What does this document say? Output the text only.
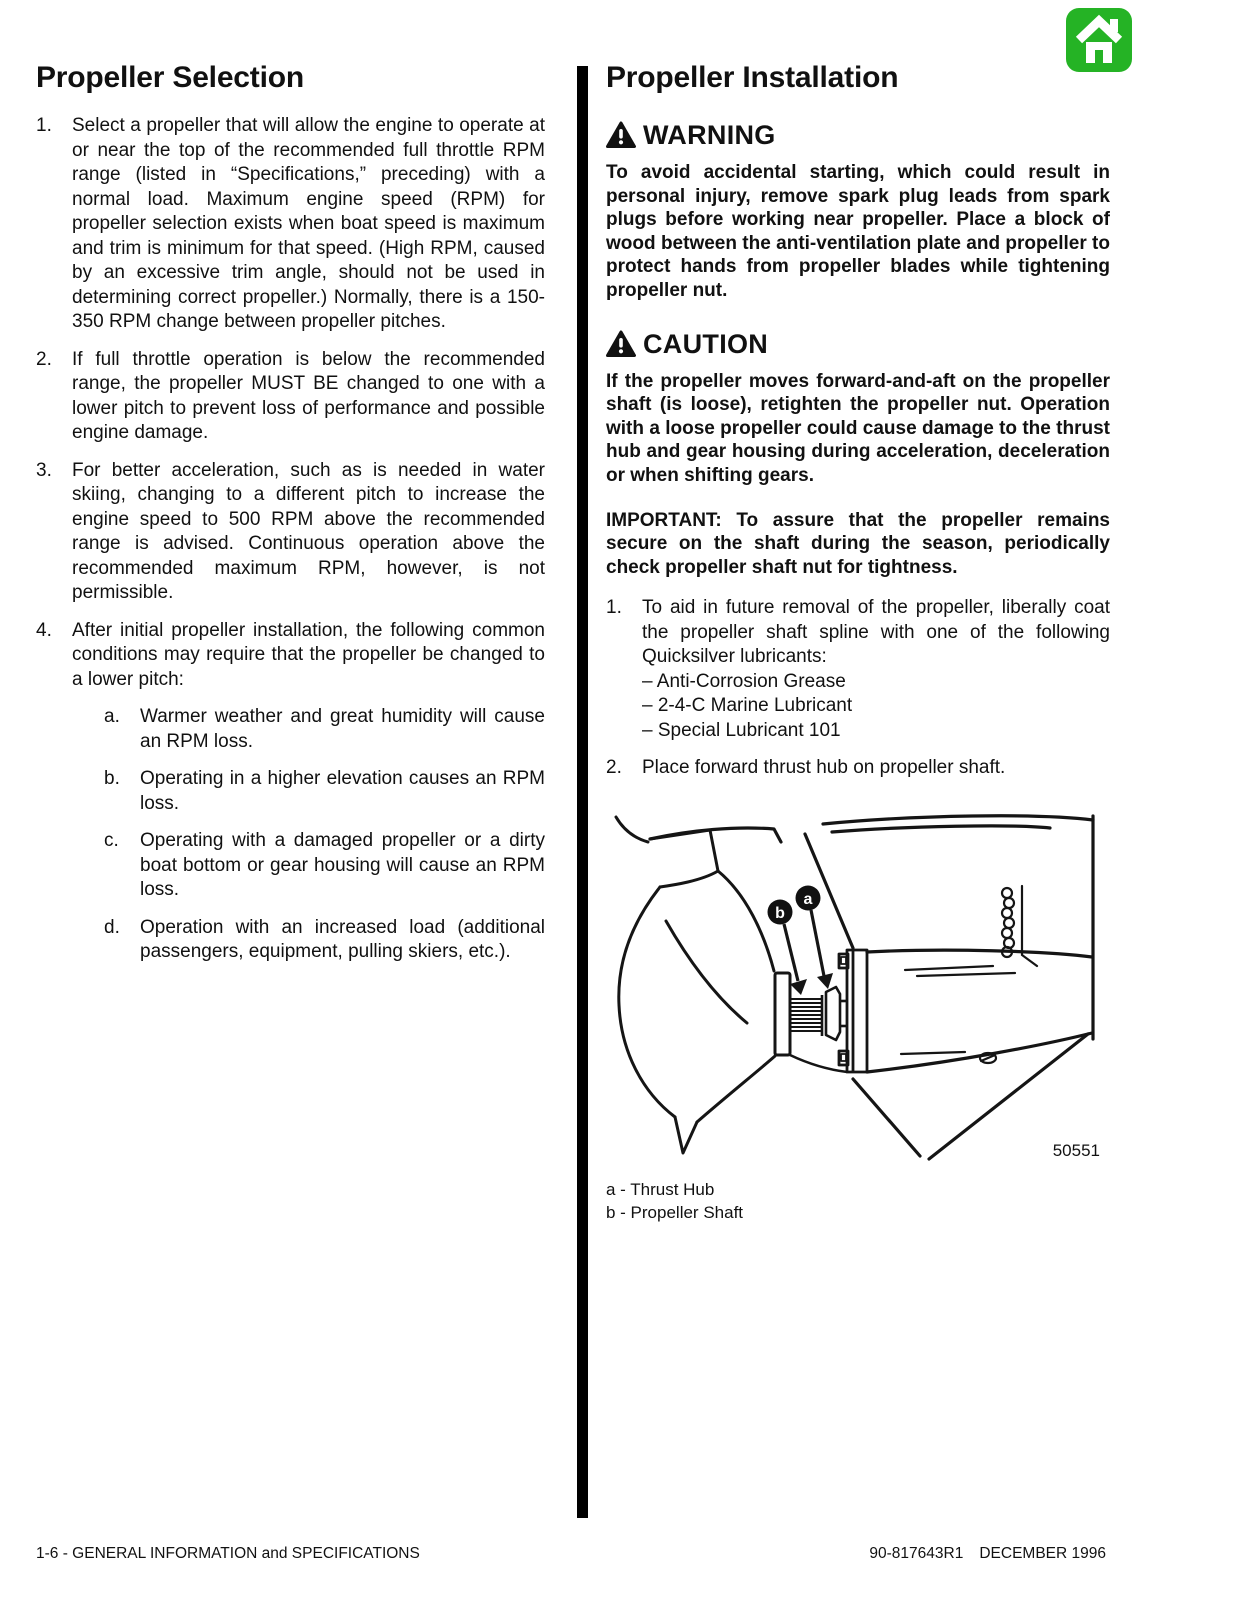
Propeller Selection
1.	Select a propeller that will allow the engine to operate at or near the top of the recommended full throttle RPM range (listed in “Specifications,” preceding) with a normal load. Maximum engine speed (RPM) for propeller selection exists when boat speed is maximum and trim is minimum for that speed. (High RPM, caused by an excessive trim angle, should not be used in determining correct propeller.) Normally, there is a 150-350 RPM change between propeller pitches.
2.	If full throttle operation is below the recommended range, the propeller MUST BE changed to one with a lower pitch to prevent loss of performance and possible engine damage.
3.	For better acceleration, such as is needed in water skiing, changing to a different pitch to increase the engine speed to 500 RPM above the recommended range is advised. Continuous operation above the recommended maximum RPM, however, is not permissible.
4.	After initial propeller installation, the following common conditions may require that the propeller be changed to a lower pitch:
a.	Warmer weather and great humidity will cause an RPM loss.
b.	Operating in a higher elevation causes an RPM loss.
c.	Operating with a damaged propeller or a dirty boat bottom or gear housing will cause an RPM loss.
d.	Operation with an increased load (additional passengers, equipment, pulling skiers, etc.).
Propeller Installation
WARNING

To avoid accidental starting, which could result in personal injury, remove spark plug leads from spark plugs before working near propeller. Place a block of wood between the anti-ventilation plate and propeller to protect hands from propeller blades while tightening propeller nut.

CAUTION

If the propeller moves forward-and-aft on the propeller shaft (is loose), retighten the propeller nut. Operation with a loose propeller could cause damage to the thrust hub and gear housing during acceleration, deceleration or when shifting gears.

IMPORTANT: To assure that the propeller remains secure on the shaft during the season, periodically check propeller shaft nut for tightness.

1.	To aid in future removal of the propeller, liberally coat the propeller shaft spline with one of the following Quicksilver lubricants:
– Anti-Corrosion Grease
– 2-4-C Marine Lubricant
– Special Lubricant 101
2.	Place forward thrust hub on propeller shaft.
b
a
50551
a - Thrust Hub
b - Propeller Shaft
1-6 - GENERAL INFORMATION and SPECIFICATIONS	90-817643R1 DECEMBER 1996
